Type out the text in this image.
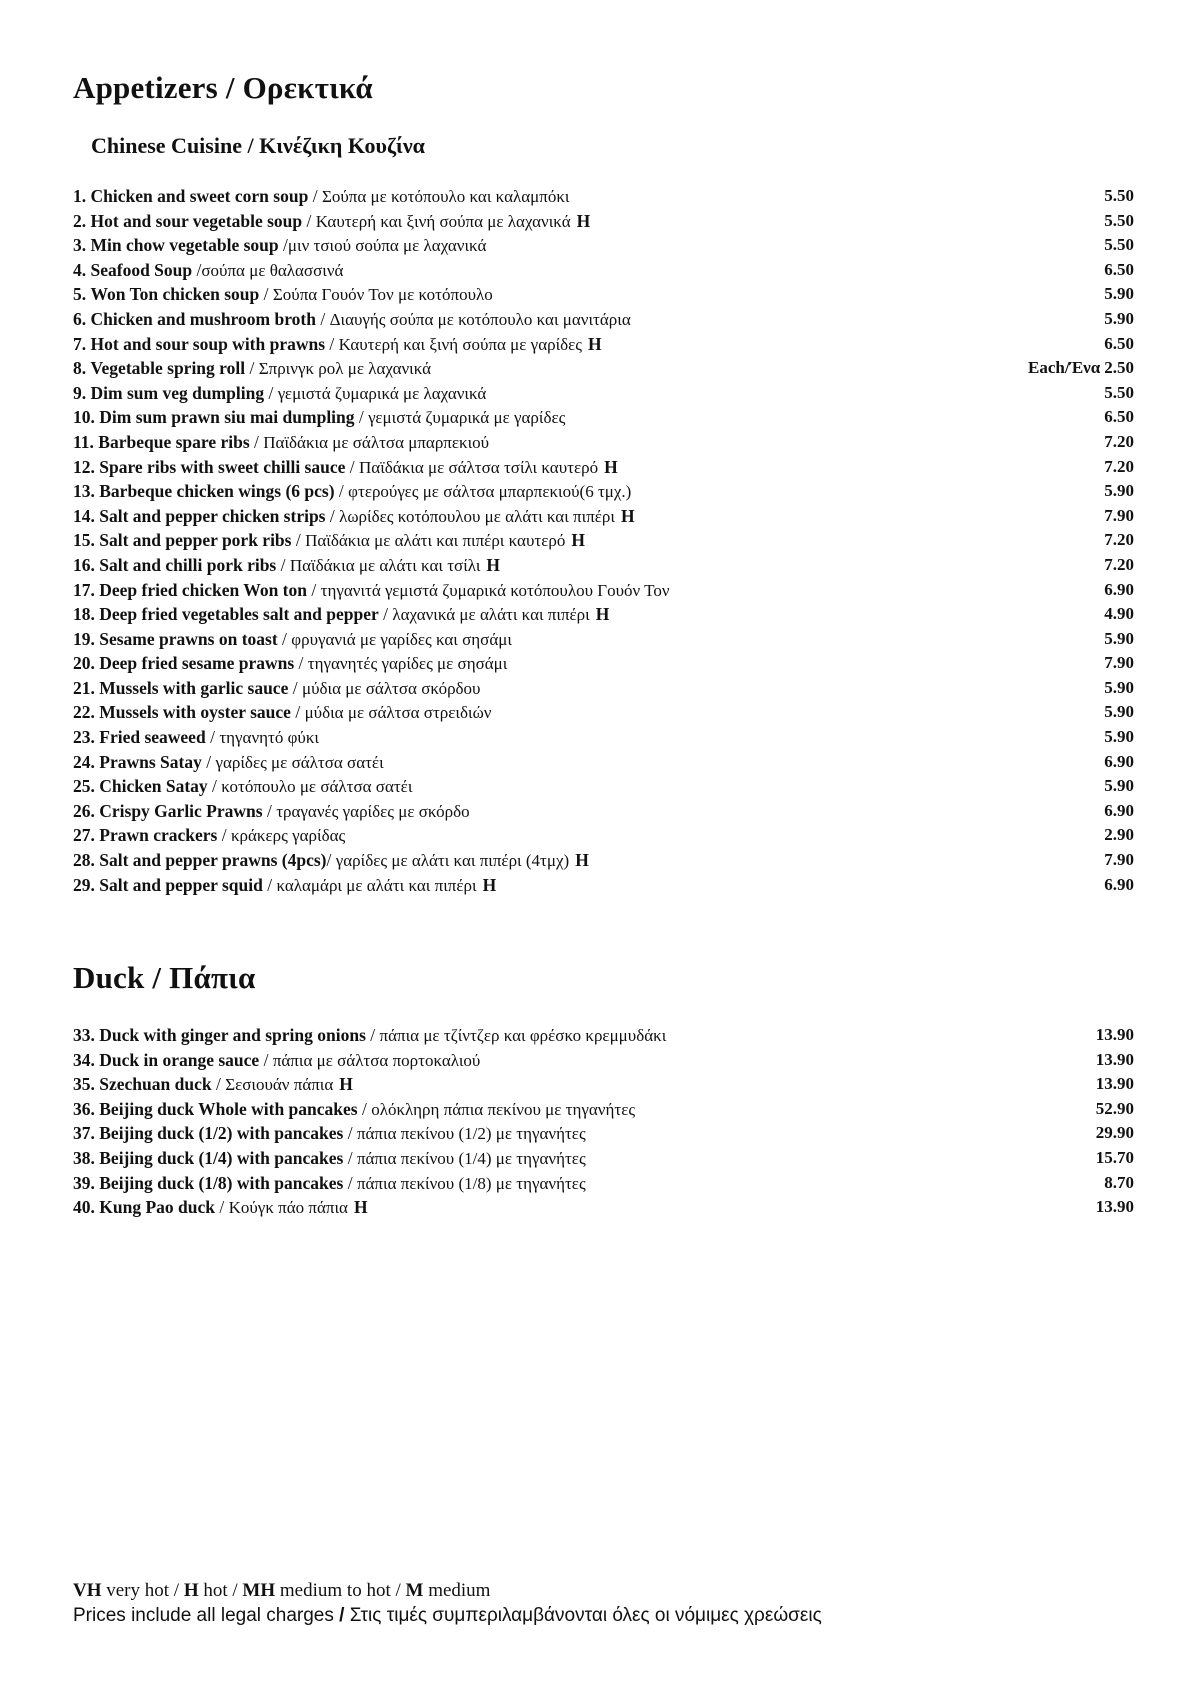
Appetizers / Ορεκτικά
Chinese Cuisine / Κινέζικη Κουζίνα
1. Chicken and sweet corn soup / Σούπα με κοτόπουλο και καλαμπόκι	5.50
2. Hot and sour vegetable soup / Καυτερή και ξινή σούπα με λαχανικά H	5.50
3. Min chow vegetable soup /μιν τσιού σούπα με λαχανικά	5.50
4. Seafood Soup /σούπα με θαλασσινά	6.50
5. Won Ton chicken soup / Σούπα Γουόν Τον με κοτόπουλο	5.90
6. Chicken and mushroom broth / Διαυγής σούπα με κοτόπουλο και μανιτάρια	5.90
7. Hot and sour soup with prawns / Καυτερή και ξινή σούπα με γαρίδες H	6.50
8. Vegetable spring roll / Σπρινγκ ρολ με λαχανικά	Each/Ένα 2.50
9. Dim sum veg dumpling / γεμιστά ζυμαρικά με λαχανικά	5.50
10. Dim sum prawn siu mai dumpling / γεμιστά ζυμαρικά με γαρίδες	6.50
11. Barbeque spare ribs / Παϊδάκια με σάλτσα μπαρπεκιού	7.20
12. Spare ribs with sweet chilli sauce / Παϊδάκια με σάλτσα τσίλι καυτερό H	7.20
13. Barbeque chicken wings (6 pcs) / φτερούγες με σάλτσα μπαρπεκιού(6 τμχ.)	5.90
14. Salt and pepper chicken strips / λωρίδες κοτόπουλου με αλάτι και πιπέρι H	7.90
15. Salt and pepper pork ribs / Παϊδάκια με αλάτι και πιπέρι καυτερό H	7.20
16. Salt and chilli pork ribs / Παϊδάκια με αλάτι και τσίλι H	7.20
17. Deep fried chicken Won ton / τηγανιτά γεμιστά ζυμαρικά κοτόπουλου Γουόν Τον	6.90
18. Deep fried vegetables salt and pepper / λαχανικά με αλάτι και πιπέρι H	4.90
19. Sesame prawns on toast / φρυγανιά με γαρίδες και σησάμι	5.90
20. Deep fried sesame prawns / τηγανητές γαρίδες με σησάμι	7.90
21. Mussels with garlic sauce / μύδια με σάλτσα σκόρδου	5.90
22. Mussels with oyster sauce / μύδια με σάλτσα στρειδιών	5.90
23. Fried seaweed / τηγανητό φύκι	5.90
24. Prawns Satay / γαρίδες με σάλτσα σατέι	6.90
25. Chicken Satay / κοτόπουλο με σάλτσα σατέι	5.90
26. Crispy Garlic Prawns / τραγανές γαρίδες με σκόρδο	6.90
27. Prawn crackers / κράκερς γαρίδας	2.90
28. Salt and pepper prawns (4pcs)/ γαρίδες με αλάτι και πιπέρι (4τμχ) H	7.90
29. Salt and pepper squid / καλαμάρι με αλάτι και πιπέρι H	6.90
Duck / Πάπια
33. Duck with ginger and spring onions / πάπια με τζίντζερ και φρέσκο κρεμμυδάκι	13.90
34. Duck in orange sauce / πάπια με σάλτσα πορτοκαλιού	13.90
35. Szechuan duck / Σεσιουάν πάπια H	13.90
36. Beijing duck Whole with pancakes / ολόκληρη πάπια πεκίνου με τηγανήτες	52.90
37. Beijing duck (1/2) with pancakes / πάπια πεκίνου (1/2) με τηγανήτες	29.90
38. Beijing duck (1/4) with pancakes / πάπια πεκίνου (1/4) με τηγανήτες	15.70
39. Beijing duck (1/8) with pancakes / πάπια πεκίνου (1/8) με τηγανήτες	8.70
40. Kung Pao duck / Κούγκ πάο πάπια H	13.90
VH very hot / H hot / MH medium to hot / M medium
Prices include all legal charges / Στις τιμές συμπεριλαμβάνονται όλες οι νόμιμες χρεώσεις
